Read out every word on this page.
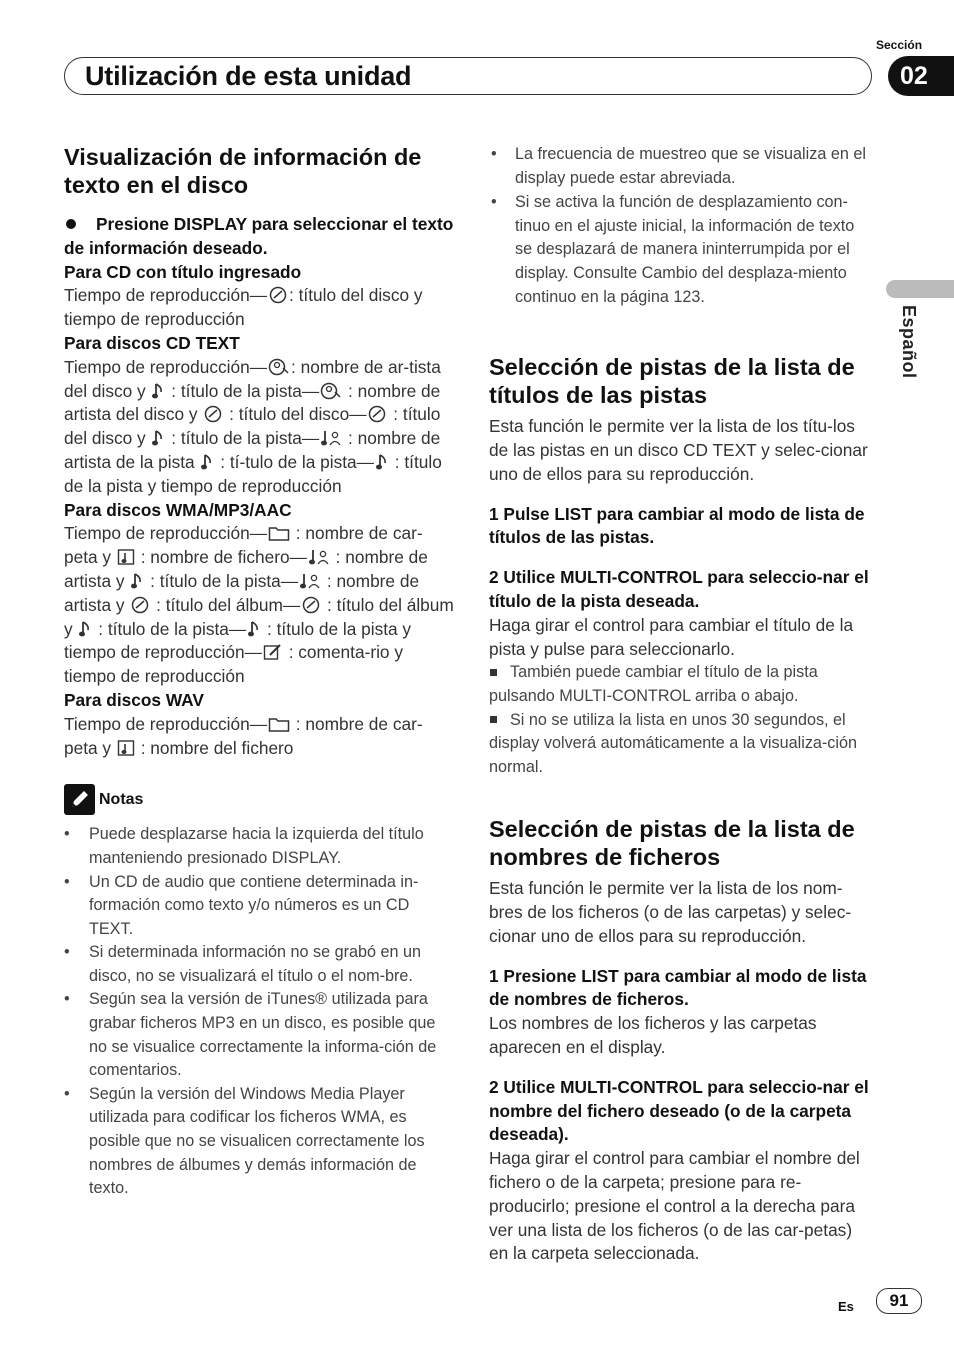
Sección
Utilización de esta unidad	02
Español
Visualización de información de texto en el disco

Presione DISPLAY para seleccionar el texto de información deseado.

Para CD con título ingresado

Tiempo de reproducción— : título del disco y tiempo de reproducción

Para discos CD TEXT

Tiempo de reproducción— : nombre de ar-tista del disco y  : título de la pista— : nombre de artista del disco y  : título del disco— : título del disco y  : título de la pista— : nombre de artista de la pista  : tí-tulo de la pista— : título de la pista y tiempo de reproducción

Para discos WMA/MP3/AAC

Tiempo de reproducción— : nombre de car-peta y  : nombre de fichero— : nombre de artista y  : título de la pista— : nombre de artista y  : título del álbum— : título del álbum y  : título de la pista— : título de la pista y tiempo de reproducción— : comenta-rio y tiempo de reproducción

Para discos WAV

Tiempo de reproducción— : nombre de car-peta y  : nombre del fichero

Notas
• Puede desplazarse hacia la izquierda del título manteniendo presionado DISPLAY.
• Un CD de audio que contiene determinada in-formación como texto y/o números es un CD TEXT.
• Si determinada información no se grabó en un disco, no se visualizará el título o el nom-bre.
• Según sea la versión de iTunes® utilizada para grabar ficheros MP3 en un disco, es posible que no se visualice correctamente la informa-ción de comentarios.
• Según la versión del Windows Media Player utilizada para codificar los ficheros WMA, es posible que no se visualicen correctamente los nombres de álbumes y demás información de texto.

• La frecuencia de muestreo que se visualiza en el display puede estar abreviada.

• Si se activa la función de desplazamiento con-tinuo en el ajuste inicial, la información de texto se desplazará de manera ininterrumpida por el display. Consulte Cambio del desplaza-miento continuo en la página 123.

Selección de pistas de la lista de títulos de las pistas

Esta función le permite ver la lista de los títu-los de las pistas en un disco CD TEXT y selec-cionar uno de ellos para su reproducción.

1 Pulse LIST para cambiar al modo de lista de títulos de las pistas.

2 Utilice MULTI-CONTROL para seleccio-nar el título de la pista deseada.

Haga girar el control para cambiar el título de la pista y pulse para seleccionarlo.

También puede cambiar el título de la pista pulsando MULTI-CONTROL arriba o abajo.

Si no se utiliza la lista en unos 30 segundos, el display volverá automáticamente a la visualiza-ción normal.

Selección de pistas de la lista de nombres de ficheros

Esta función le permite ver la lista de los nom-bres de los ficheros (o de las carpetas) y selec-cionar uno de ellos para su reproducción.

1 Presione LIST para cambiar al modo de lista de nombres de ficheros.

Los nombres de los ficheros y las carpetas aparecen en el display.

2 Utilice MULTI-CONTROL para seleccio-nar el nombre del fichero deseado (o de la carpeta deseada).

Haga girar el control para cambiar el nombre del fichero o de la carpeta; presione para re-producirlo; presione el control a la derecha para ver una lista de los ficheros (o de las car-petas) en la carpeta seleccionada.

Es	91
